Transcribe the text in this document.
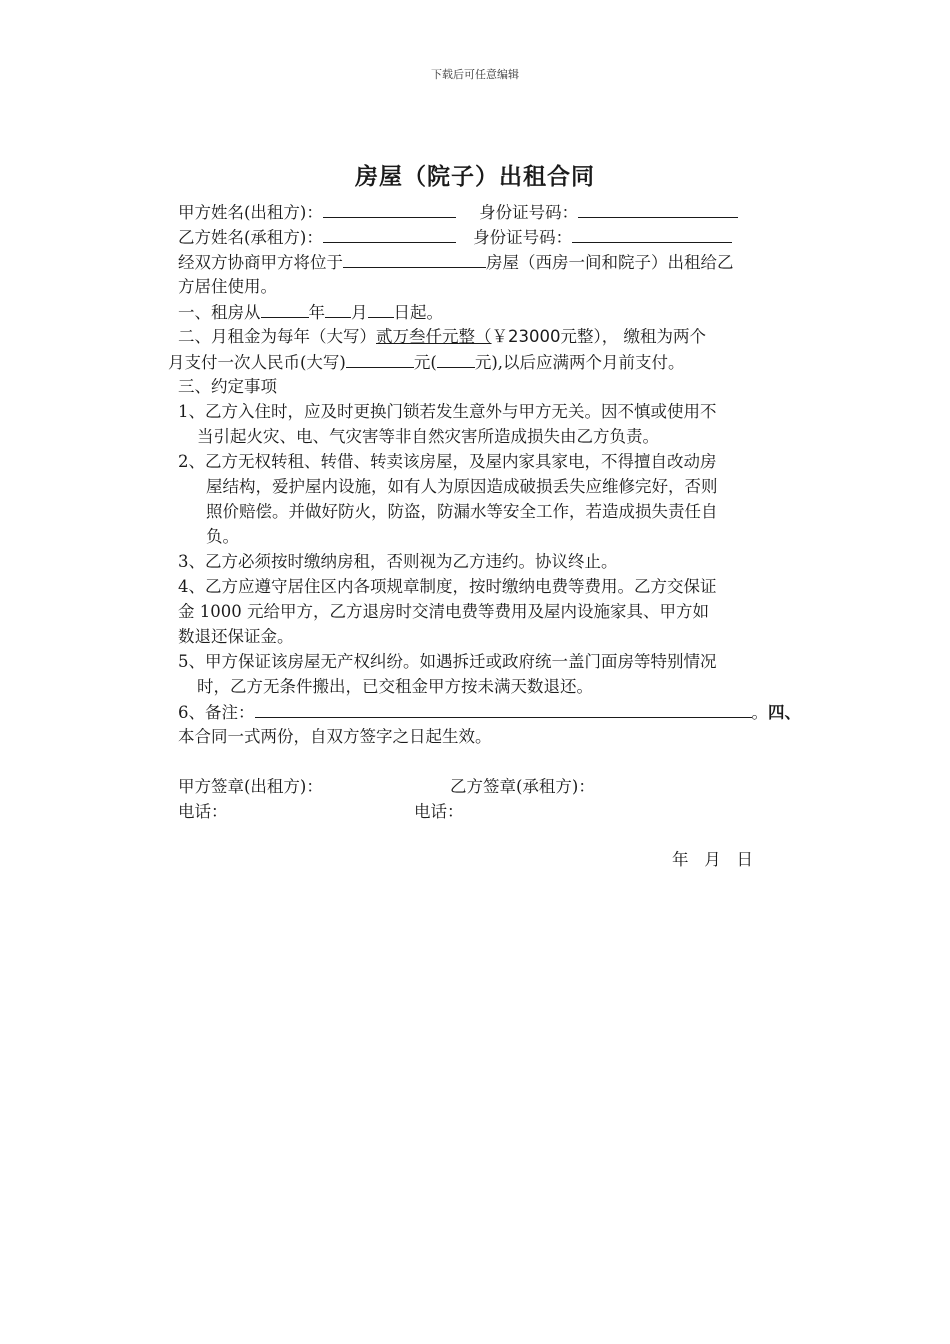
下载后可任意编辑
房屋（院子）出租合同
甲方姓名(出租方)：	身份证号码：
乙方姓名(承租方)：	身份证号码：
经双方协商甲方将位于	房屋（西房一间和院子）出租给乙
方居住使用。
一、租房从	年 月 日起。
二、月租金为每年（大写）贰万叁仟元整（￥23000元整）， 缴租为两个
月支付一次人民币(大写)	元( 元),以后应满两个月前支付。
三、约定事项
1、乙方入住时，应及时更换门锁若发生意外与甲方无关。因不慎或使用不
当引起火灾、电、气灾害等非自然灾害所造成损失由乙方负责。
2、乙方无权转租、转借、转卖该房屋，及屋内家具家电，不得擅自改动房
屋结构，爱护屋内设施，如有人为原因造成破损丢失应维修完好，否则
照价赔偿。并做好防火，防盗，防漏水等安全工作，若造成损失责任自
负。
3、乙方必须按时缴纳房租，否则视为乙方违约。协议终止。
4、乙方应遵守居住区内各项规章制度，按时缴纳电费等费用。乙方交保证
金 1000 元给甲方，乙方退房时交清电费等费用及屋内设施家具、甲方如
数退还保证金。
5、甲方保证该房屋无产权纠纷。如遇拆迁或政府统一盖门面房等特别情况
时，乙方无条件搬出，已交租金甲方按未满天数退还。
6、备注：	。四、
本合同一式两份，自双方签字之日起生效。
甲方签章(出租方)：	乙方签章(承租方)：
电话：	电话：
年   月   日
